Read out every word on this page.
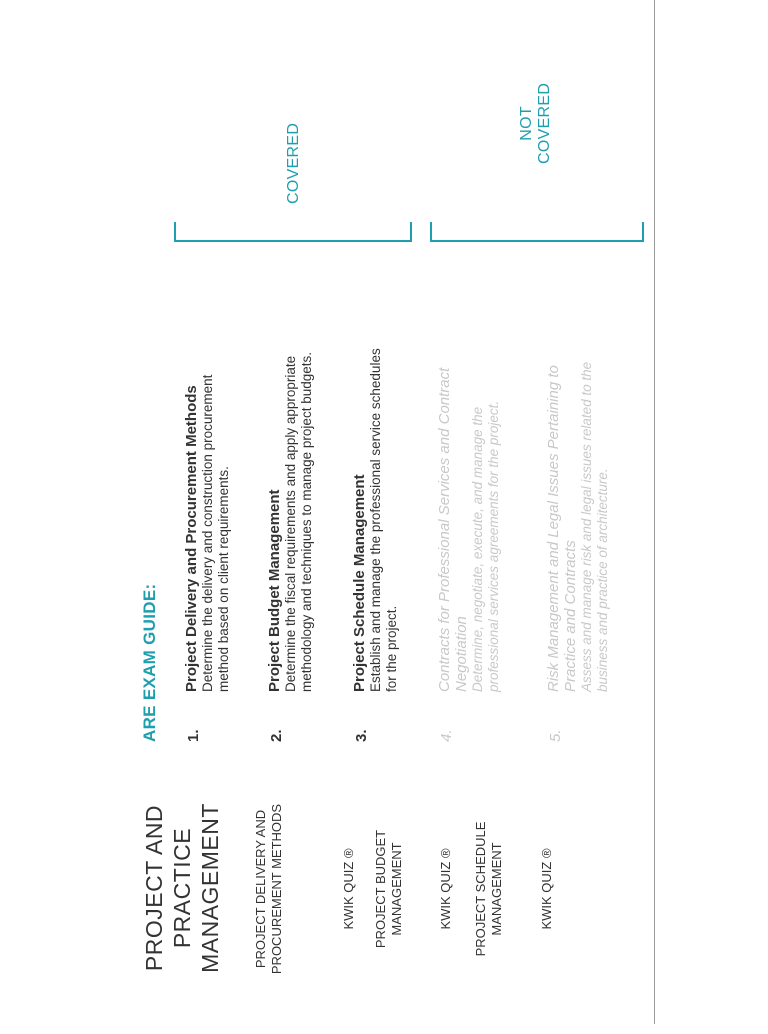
PROJECT AND PRACTICE MANAGEMENT PROJECT DELIVERY AND PROCUREMENT METHODS	KWIK QUIZ ® PROJECT BUDGET MANAGEMENT	KWIK QUIZ ® PROJECT SCHEDULE MANAGEMENT	KWIK QUIZ ®
ARE EXAM GUIDE: 1.
Project Delivery and Procurement Methods Determine the delivery and construction procurement method based on client requirements.
2.
Project Budget Management Determine the fiscal requirements and apply appropriate methodology and techniques to manage project budgets.
3.
Project Schedule Management Establish and manage the professional service schedules for the project.
4.
Contracts for Professional Services and Contract Negotiation Determine, negotiate, execute, and manage the professional services agreements for the project.
5.
Risk Management and Legal Issues Pertaining to Practice and Contracts Assess and manage risk and legal issues related to the business and practice of architecture.
COVERED	NOT COVERED
